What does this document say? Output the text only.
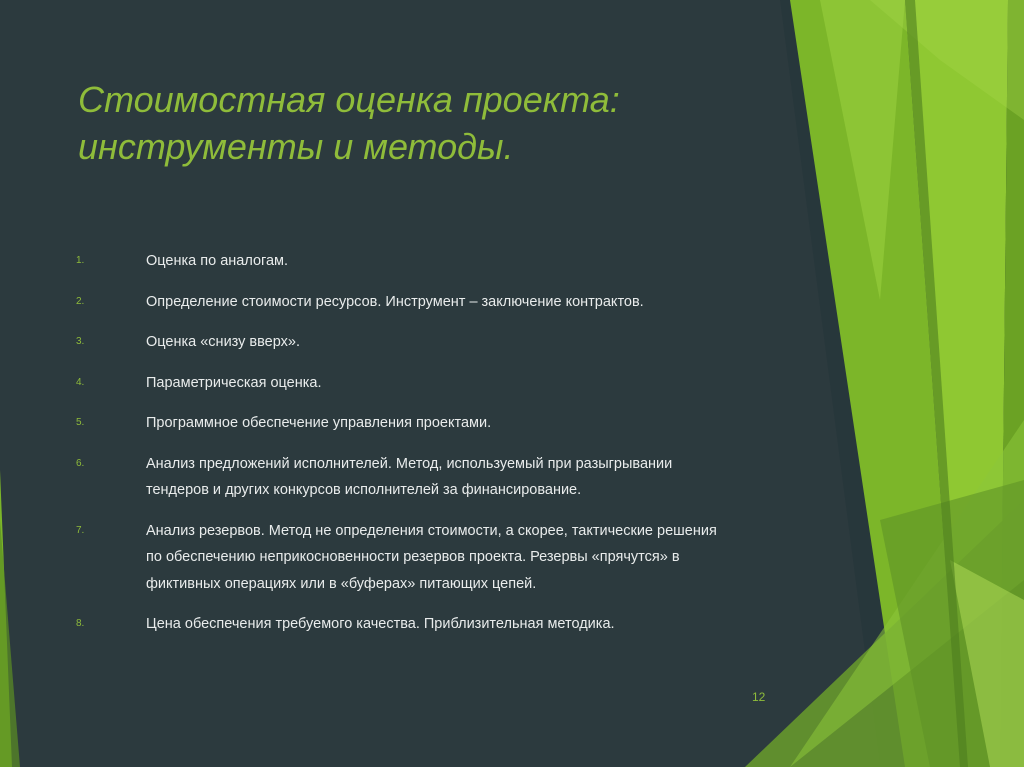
Стоимостная оценка проекта:
инструменты и методы.
1.	Оценка по аналогам.
2.	Определение стоимости ресурсов. Инструмент – заключение контрактов.
3.	Оценка «снизу вверх».
4.	Параметрическая оценка.
5.	Программное обеспечение управления проектами.
6.	Анализ предложений исполнителей. Метод, используемый при разыгрывании тендеров и других конкурсов исполнителей за финансирование.
7.	Анализ резервов. Метод не определения стоимости, а скорее, тактические решения по обеспечению неприкосновенности резервов проекта. Резервы «прячутся» в фиктивных операциях или в «буферах» питающих цепей.
8.	Цена обеспечения требуемого качества. Приблизительная методика.
12
